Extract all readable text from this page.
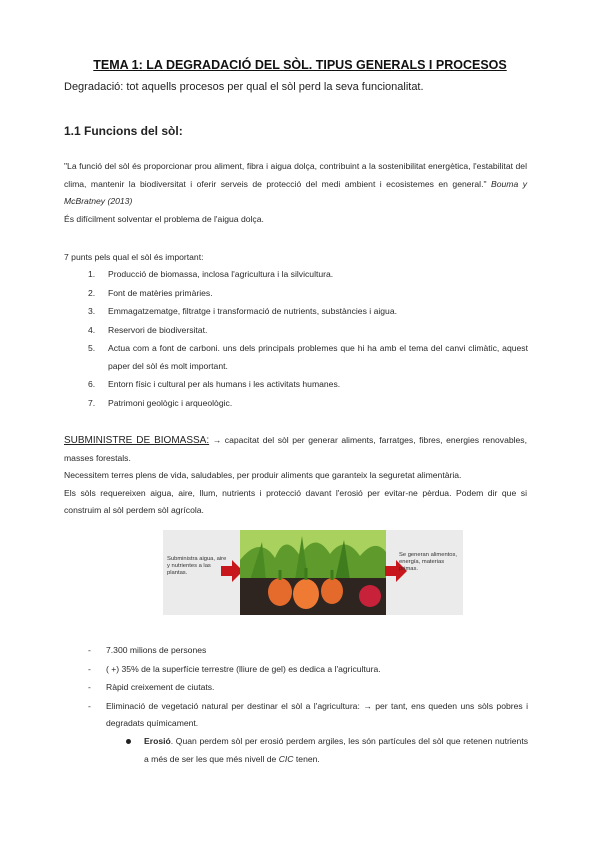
TEMA 1: LA DEGRADACIÓ DEL SÒL. TIPUS GENERALS I PROCESOS
Degradació: tot aquells procesos per qual el sòl perd la seva funcionalitat.
1.1 Funcions del sòl:

"La funció del sòl és proporcionar prou aliment, fibra i aigua dolça, contribuint a la sostenibilitat energètica, l'estabilitat del clima, mantenir la biodiversitat i oferir serveis de protecció del medi ambient i ecosistemes en general." Bouma y McBratney (2013)

És difícilment solventar el problema de l'aigua dolça.
7 punts pels qual el sòl és important:
1. Producció de biomassa, inclosa l'agricultura i la silvicultura.
2. Font de matèries primàries.
3. Emmagatzematge, filtratge i transformació de nutrients, substàncies i aigua.
4. Reservori de biodiversitat.
5. Actua com a font de carboni. uns dels principals problemes que hi ha amb el tema del canvi climàtic, aquest paper del sòl és molt important.
6. Entorn físic i cultural per als humans i les activitats humanes.
7. Patrimoni geològic i arqueològic.

SUBMINISTRE DE BIOMASSA: → capacitat del sòl per generar aliments, farratges, fibres, energies renovables, masses forestals.
Necessitem terres plens de vida, saludables, per produir aliments que garanteix la seguretat alimentària.
Els sòls requereixen aigua, aire, llum, nutrients i protecció davant l'erosió per evitar-ne pèrdua. Podem dir que si construim al sòl perdem sòl agrícola.

Subministra aigua, aire y nutrientes a las plantas.
Se generan alimentos, energía, materias primas.
- 7.300 milions de persones
- ( +) 35% de la superfície terrestre (lliure de gel) es dedica a l'agricultura.
- Ràpid creixement de ciutats.
- Eliminació de vegetació natural per destinar el sòl a l'agricultura: → per tant, ens queden uns sòls pobres i degradats químicament.
Erosió. Quan perdem sòl per erosió perdem argiles, les són partícules del sòl que retenen nutrients a més de ser les que més nivell de CIC tenen.
